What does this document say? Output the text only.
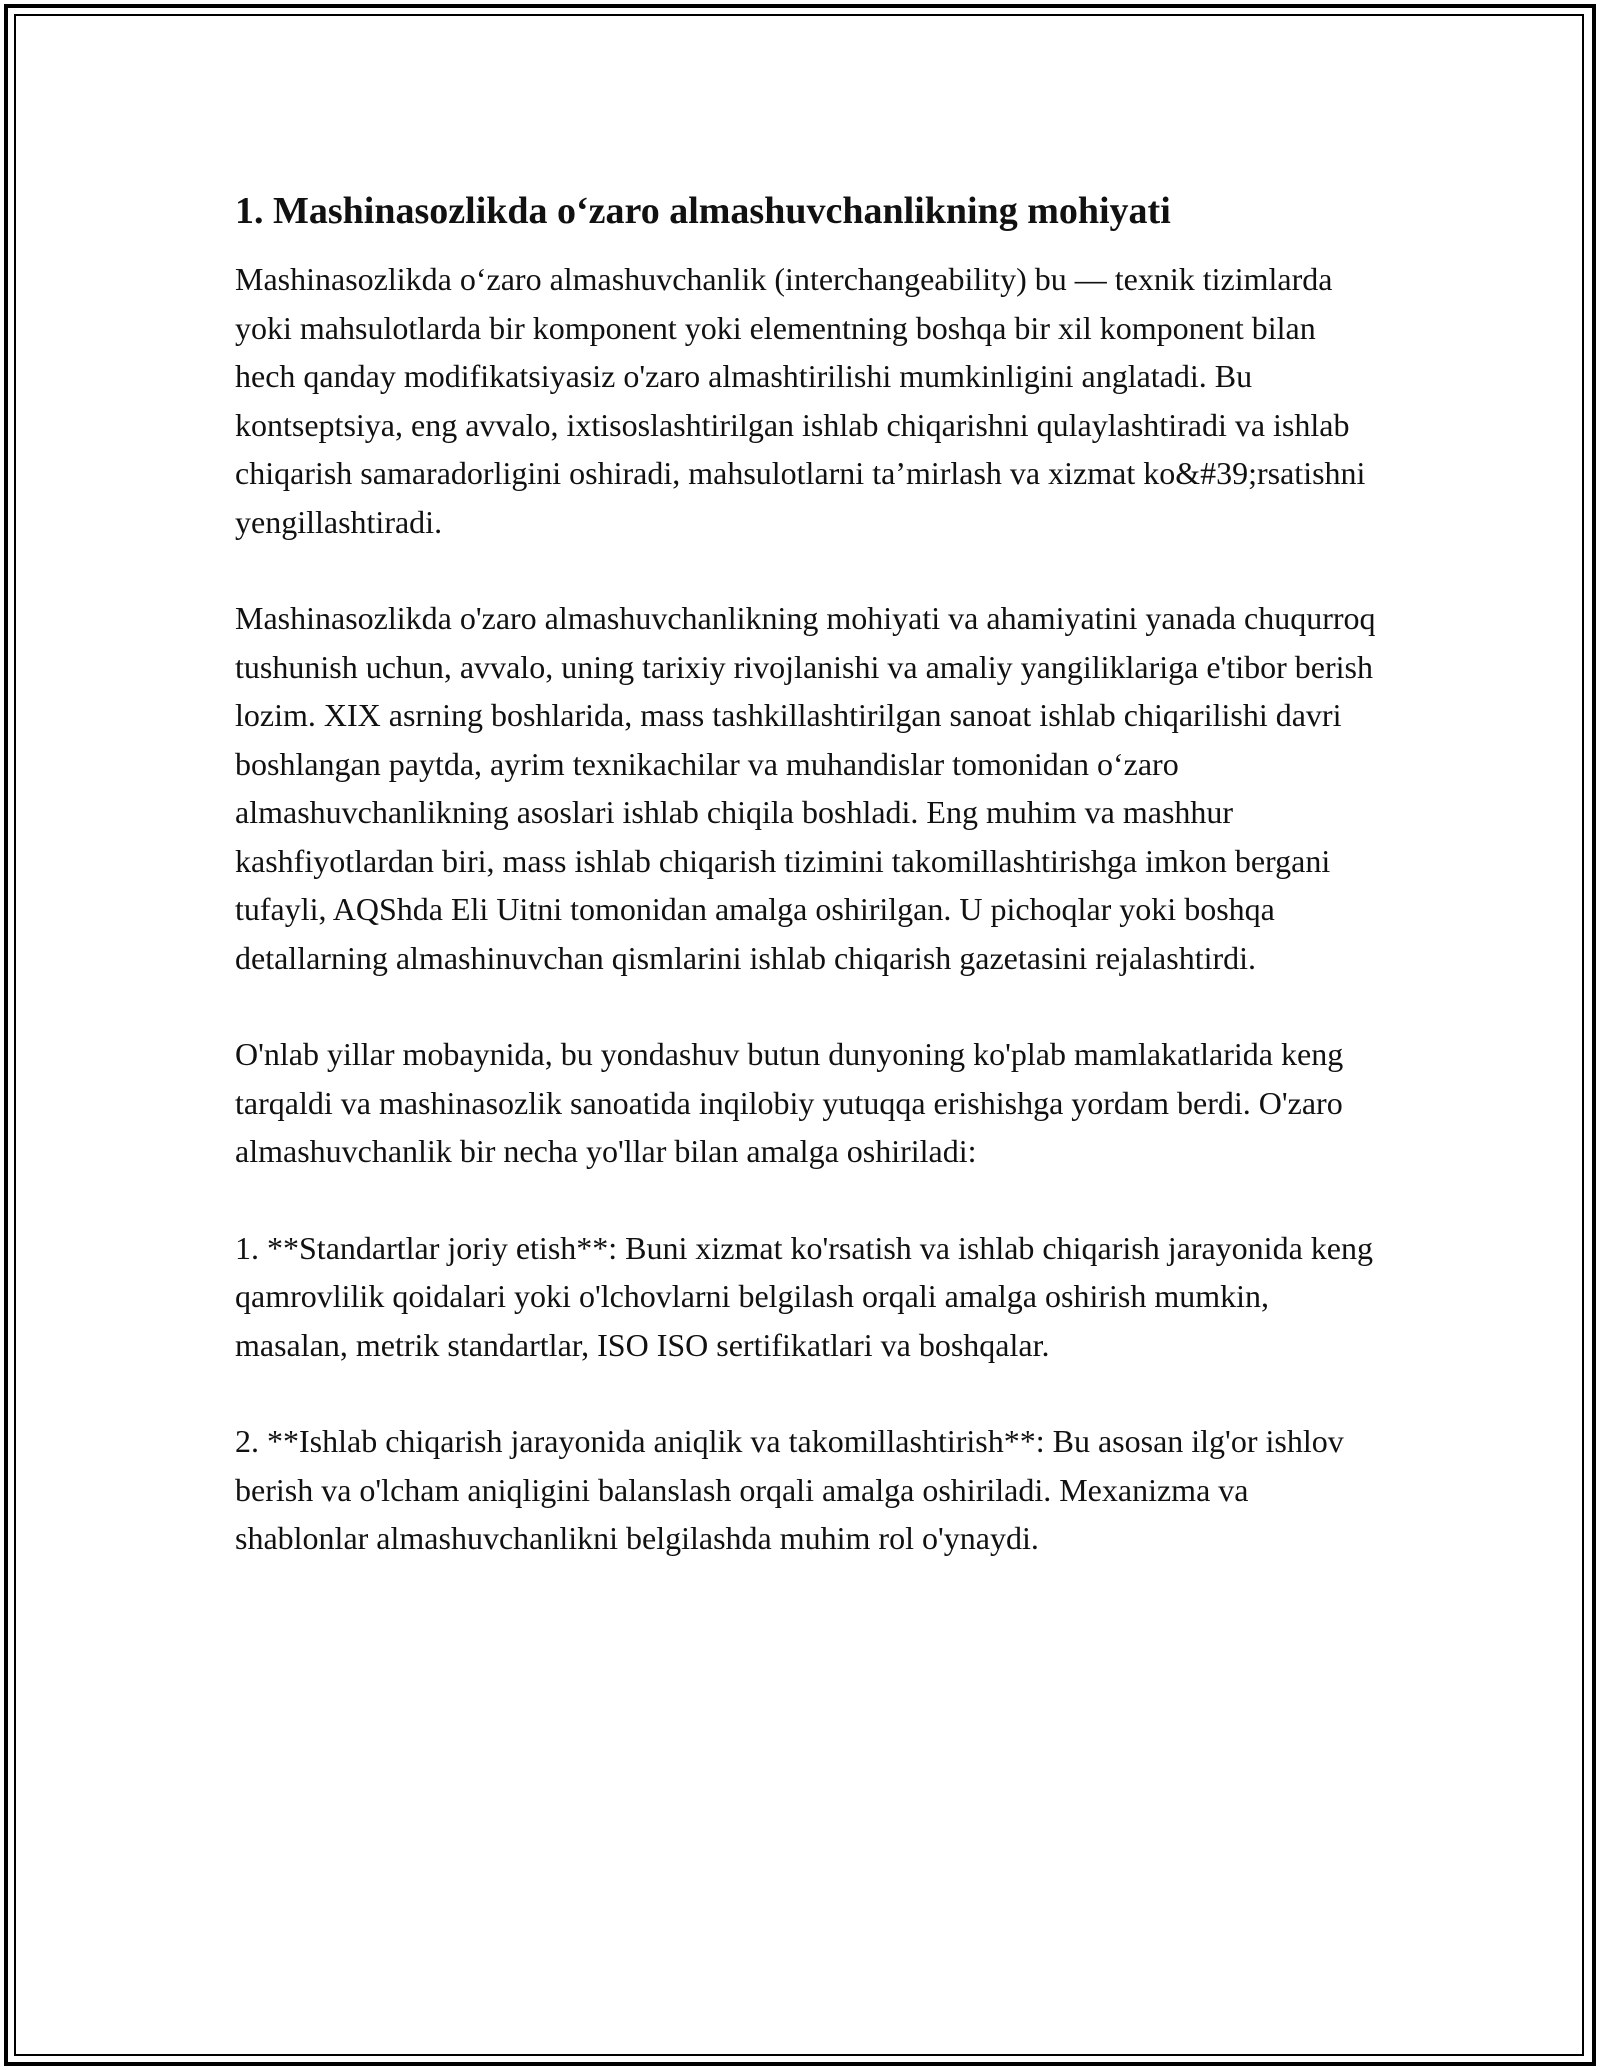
1. Mashinasozlikda o‘zaro almashuvchanlikning mohiyati

Mashinasozlikda o‘zaro almashuvchanlik (interchangeability) bu — texnik tizimlarda yoki mahsulotlarda bir komponent yoki elementning boshqa bir xil komponent bilan hech qanday modifikatsiyasiz o'zaro almashtirilishi mumkinligini anglatadi. Bu kontseptsiya, eng avvalo, ixtisoslashtirilgan ishlab chiqarishni qulaylashtiradi va ishlab chiqarish samaradorligini oshiradi, mahsulotlarni ta’mirlash va xizmat ko&#39;rsatishni yengillashtiradi.

Mashinasozlikda o'zaro almashuvchanlikning mohiyati va ahamiyatini yanada chuqurroq tushunish uchun, avvalo, uning tarixiy rivojlanishi va amaliy yangiliklariga e'tibor berish lozim. XIX asrning boshlarida, mass tashkillashtirilgan sanoat ishlab chiqarilishi davri boshlangan paytda, ayrim texnikachilar va muhandislar tomonidan o‘zaro almashuvchanlikning asoslari ishlab chiqila boshladi. Eng muhim va mashhur kashfiyotlardan biri, mass ishlab chiqarish tizimini takomillashtirishga imkon bergani tufayli, AQShda Eli Uitni tomonidan amalga oshirilgan. U pichoqlar yoki boshqa detallarning almashinuvchan qismlarini ishlab chiqarish gazetasini rejalashtirdi.

O'nlab yillar mobaynida, bu yondashuv butun dunyoning ko'plab mamlakatlarida keng tarqaldi va mashinasozlik sanoatida inqilobiy yutuqqa erishishga yordam berdi. O'zaro almashuvchanlik bir necha yo'llar bilan amalga oshiriladi:

1. **Standartlar joriy etish**: Buni xizmat ko'rsatish va ishlab chiqarish jarayonida keng qamrovlilik qoidalari yoki o'lchovlarni belgilash orqali amalga oshirish mumkin, masalan, metrik standartlar, ISO ISO sertifikatlari va boshqalar.

2. **Ishlab chiqarish jarayonida aniqlik va takomillashtirish**: Bu asosan ilg'or ishlov berish va o'lcham aniqligini balanslash orqali amalga oshiriladi. Mexanizma va shablonlar almashuvchanlikni belgilashda muhim rol o'ynaydi.
